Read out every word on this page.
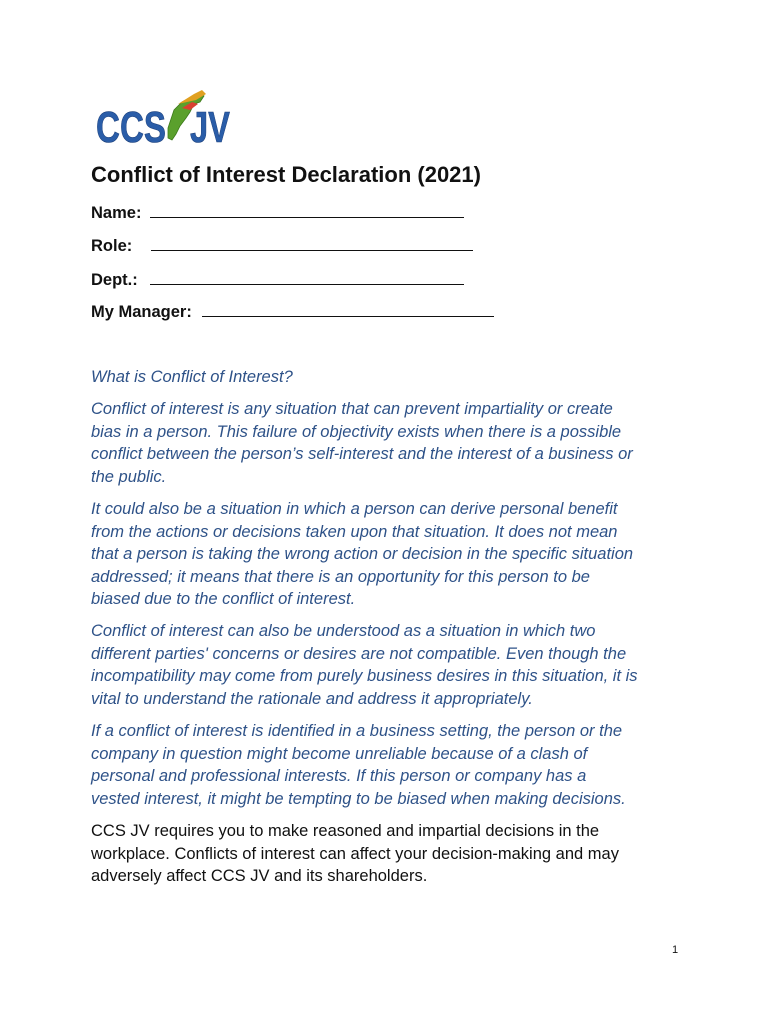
CCS JV
Conflict of Interest Declaration (2021)
Name:
Role:
Dept.:
My Manager:

What is Conflict of Interest?

Conflict of interest is any situation that can prevent impartiality or create

bias in a person. This failure of objectivity exists when there is a possible

conflict between the person’s self-interest and the interest of a business or

the public.

It could also be a situation in which a person can derive personal benefit

from the actions or decisions taken upon that situation. It does not mean

that a person is taking the wrong action or decision in the specific situation

addressed; it means that there is an opportunity for this person to be

biased due to the conflict of interest.

Conflict of interest can also be understood as a situation in which two

different parties' concerns or desires are not compatible. Even though the

incompatibility may come from purely business desires in this situation, it is

vital to understand the rationale and address it appropriately.

If a conflict of interest is identified in a business setting, the person or the

company in question might become unreliable because of a clash of

personal and professional interests. If this person or company has a

vested interest, it might be tempting to be biased when making decisions.

CCS JV requires you to make reasoned and impartial decisions in the
workplace. Conflicts of interest can affect your decision-making and may
adversely affect CCS JV and its shareholders.
1
